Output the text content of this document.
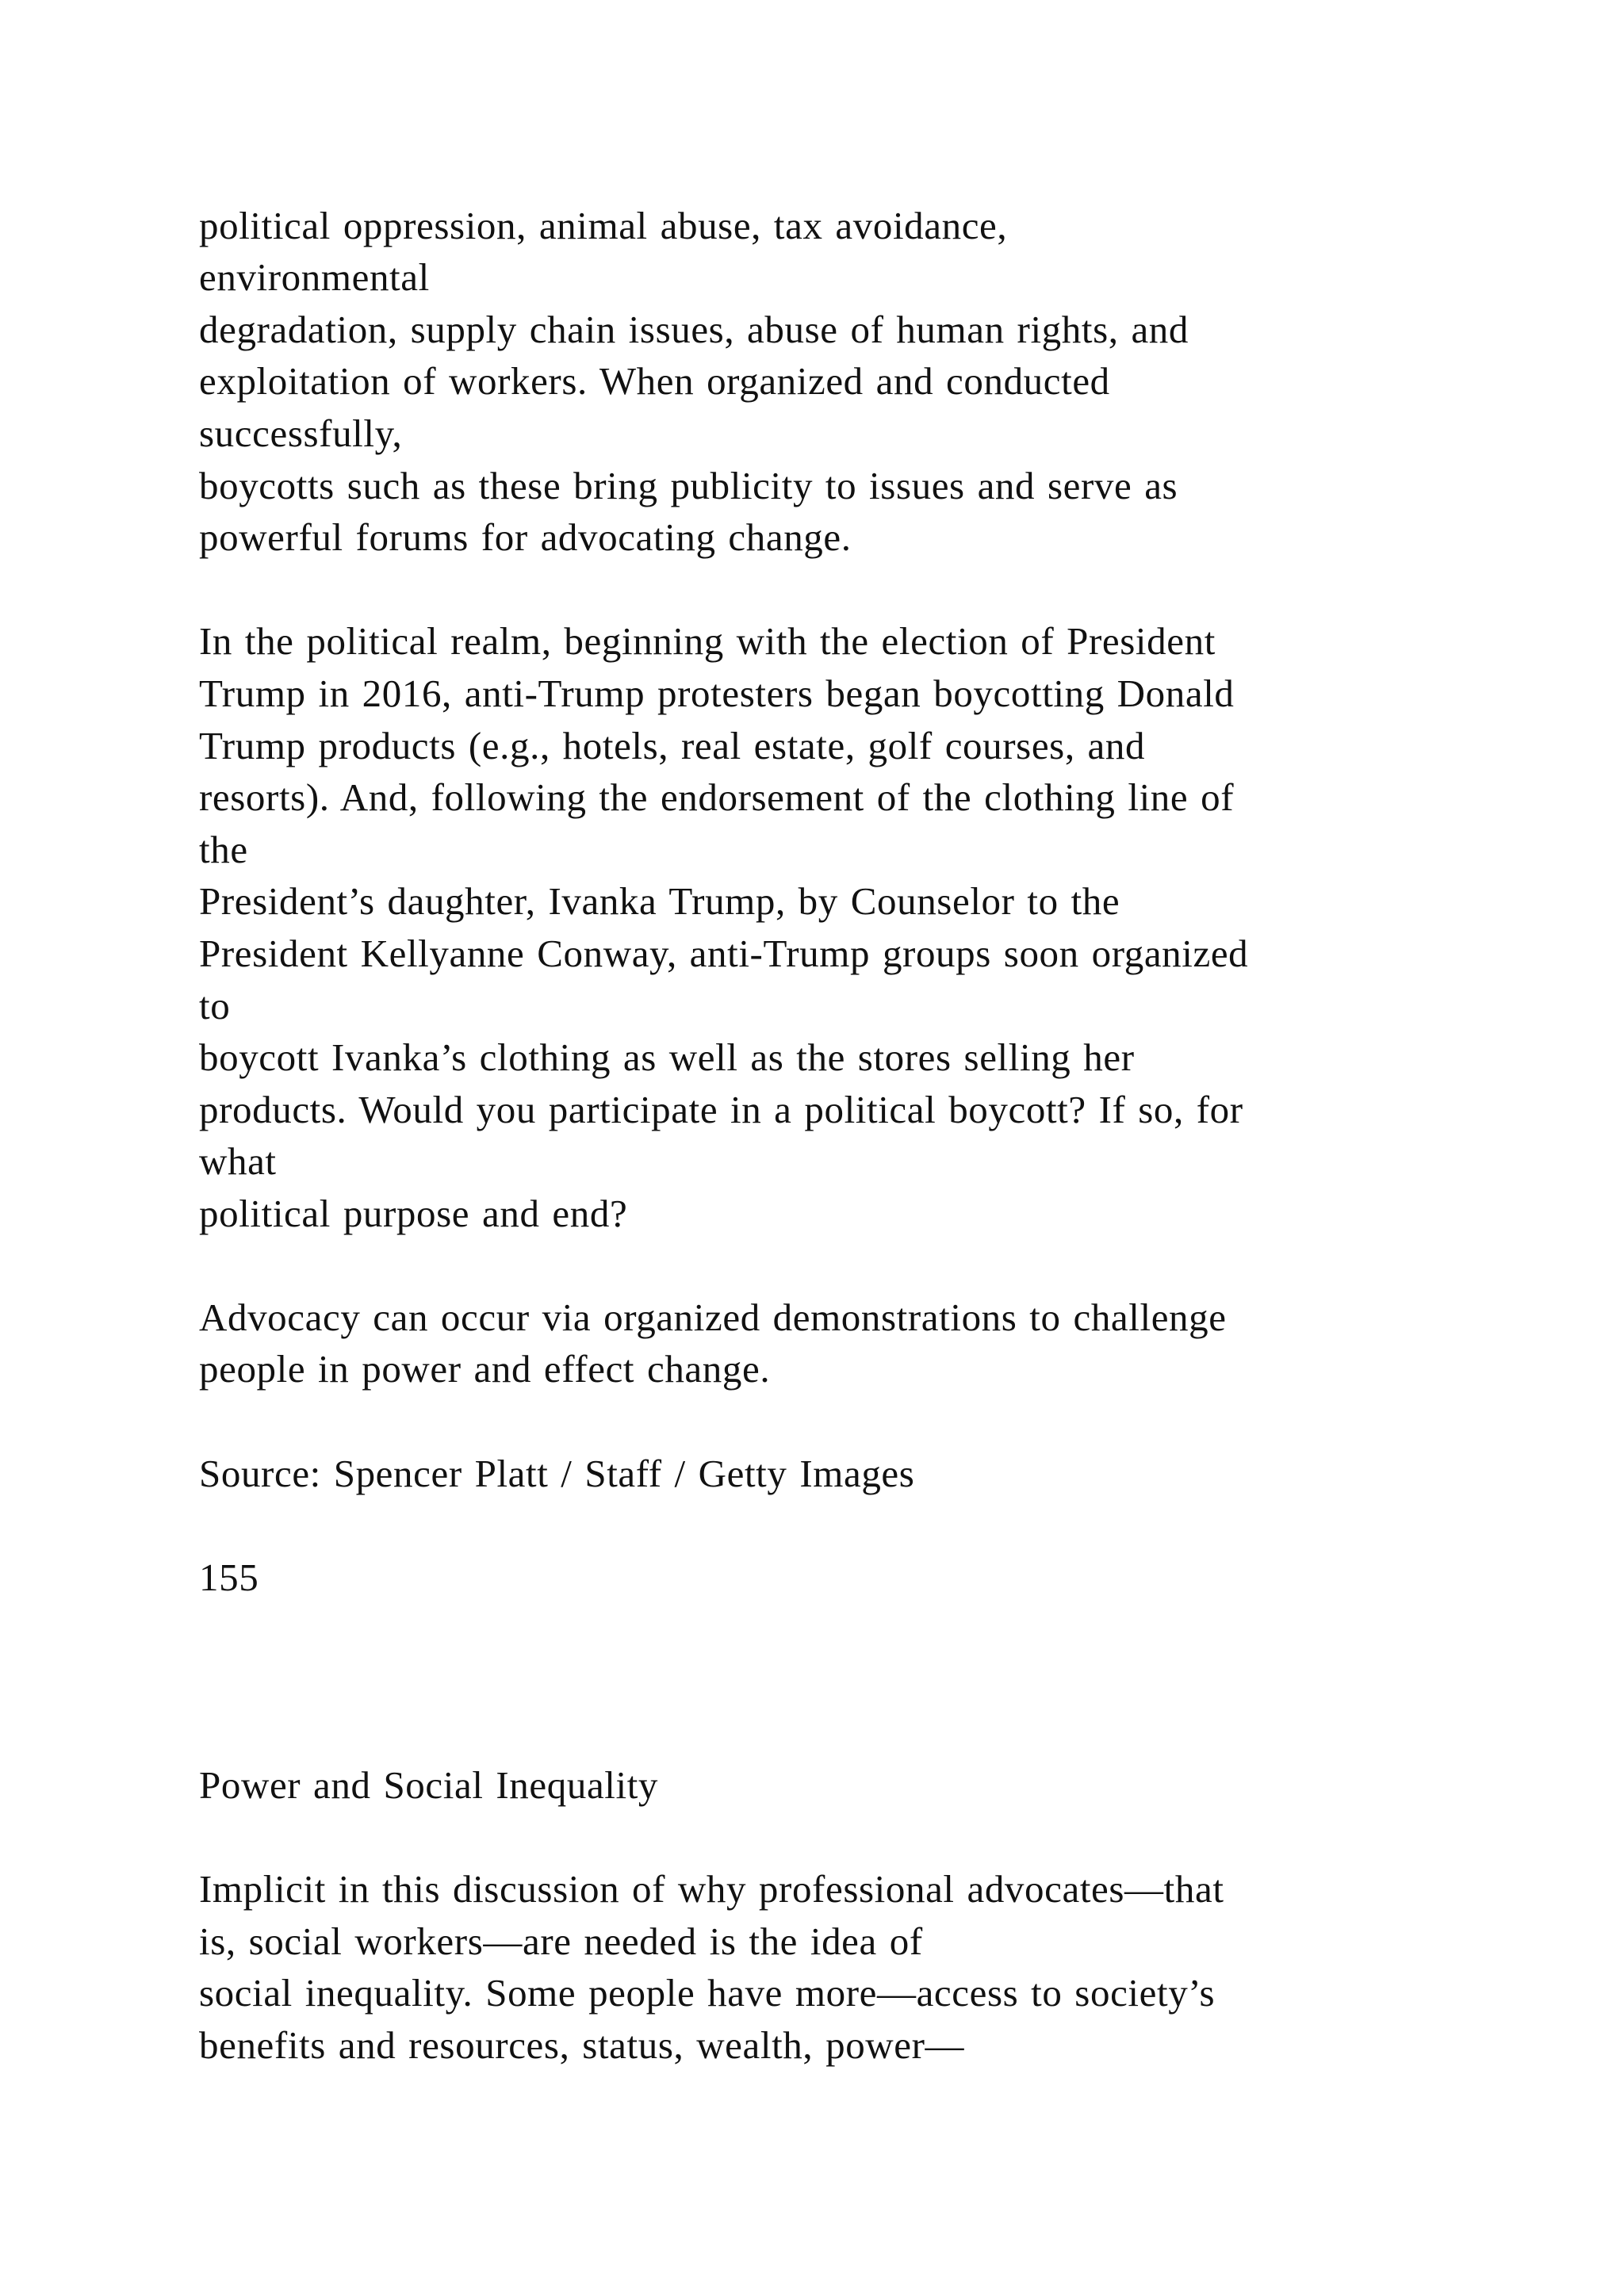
political oppression, animal abuse, tax avoidance,

environmental

degradation, supply chain issues, abuse of human rights, and

exploitation of workers. When organized and conducted

successfully,

boycotts such as these bring publicity to issues and serve as

powerful forums for advocating change.

In the political realm, beginning with the election of President

Trump in 2016, anti-Trump protesters began boycotting Donald

Trump products (e.g., hotels, real estate, golf courses, and

resorts). And, following the endorsement of the clothing line of

the

President’s daughter, Ivanka Trump, by Counselor to the

President Kellyanne Conway, anti-Trump groups soon organized

to

boycott Ivanka’s clothing as well as the stores selling her

products. Would you participate in a political boycott? If so, for

what

political purpose and end?

Advocacy can occur via organized demonstrations to challenge

people in power and effect change.

Source: Spencer Platt / Staff / Getty Images

155

Power and Social Inequality

Implicit in this discussion of why professional advocates—that

is, social workers—are needed is the idea of

social inequality. Some people have more—access to society’s

benefits and resources, status, wealth, power—
